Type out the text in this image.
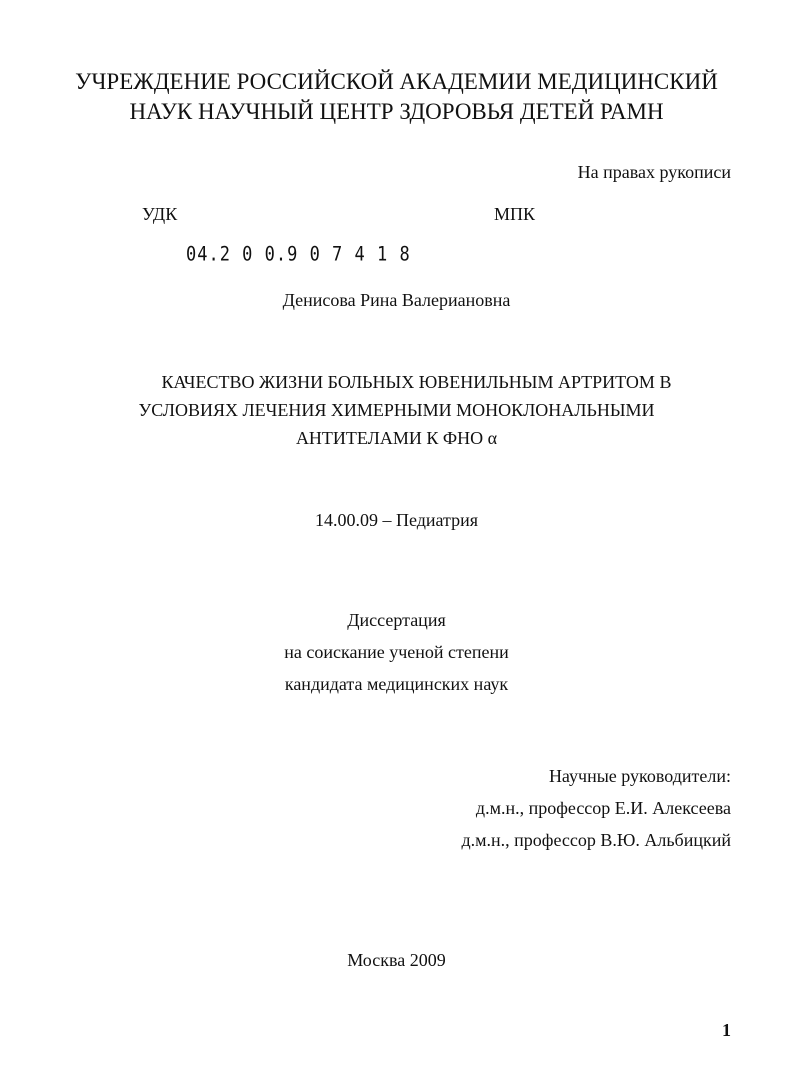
УЧРЕЖДЕНИЕ РОССИЙСКОЙ АКАДЕМИИ МЕДИЦИНСКИЙ
НАУК НАУЧНЫЙ ЦЕНТР ЗДОРОВЬЯ ДЕТЕЙ РАМН
На правах рукописи
УДК	МПК
04.2 0 0.9 0 7 4 1 8
Денисова Рина Валериановна
КАЧЕСТВО ЖИЗНИ БОЛЬНЫХ ЮВЕНИЛЬНЫМ АРТРИТОМ В
УСЛОВИЯХ ЛЕЧЕНИЯ ХИМЕРНЫМИ МОНОКЛОНАЛЬНЫМИ
АНТИТЕЛАМИ К ФНО α
14.00.09 – Педиатрия
Диссертация
на соискание ученой степени
кандидата медицинских наук
Научные руководители:
д.м.н., профессор Е.И. Алексеева
д.м.н., профессор В.Ю. Альбицкий
Москва 2009
1
